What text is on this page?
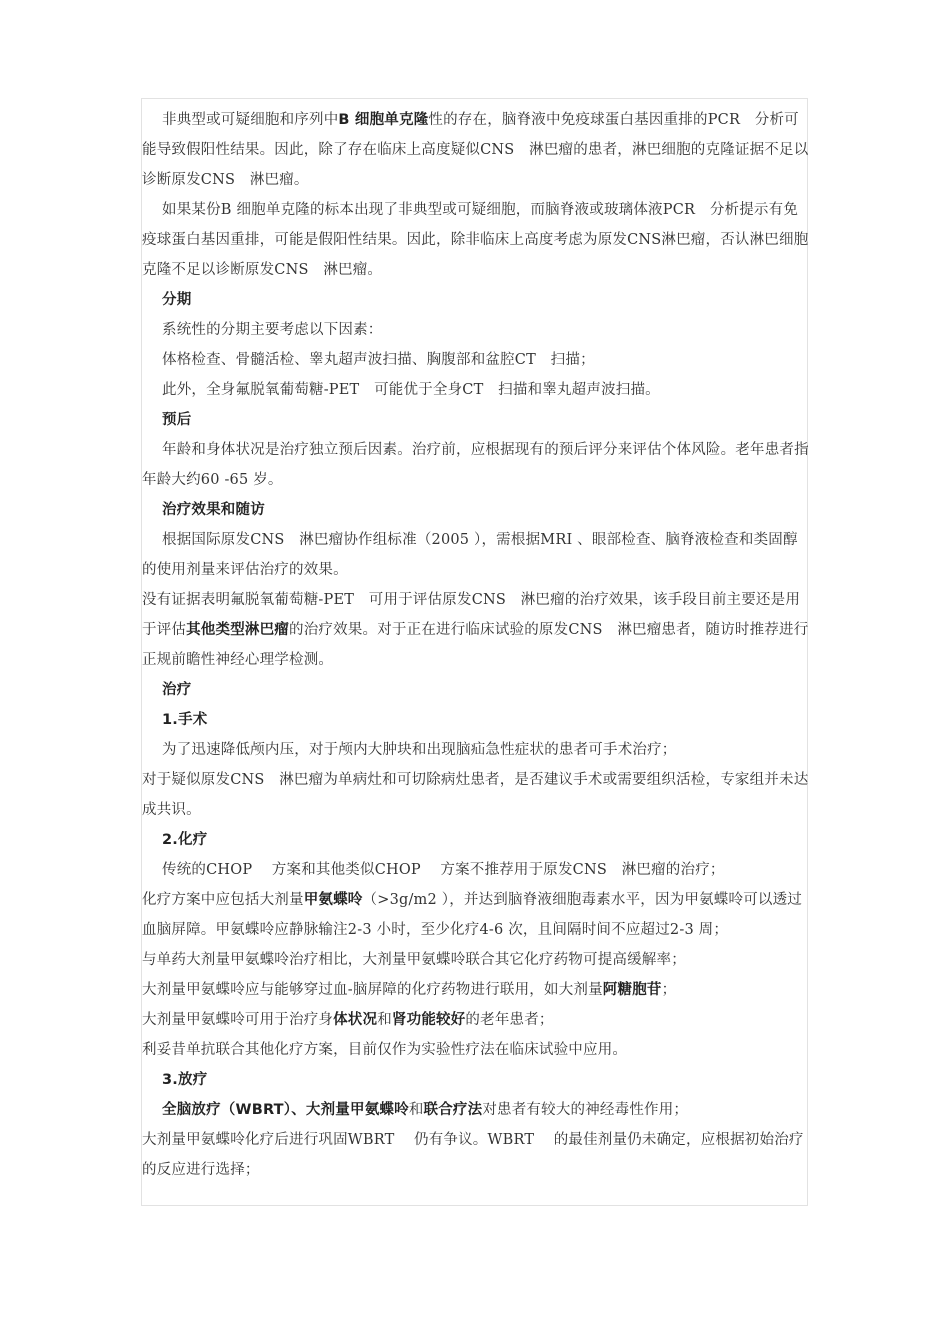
非典型或可疑细胞和序列中B 细胞单克隆性的存在，脑脊液中免疫球蛋白基因重排的PCR　分析可能导致假阳性结果。因此，除了存在临床上高度疑似CNS　淋巴瘤的患者，淋巴细胞的克隆证据不足以诊断原发CNS　淋巴瘤。

如果某份B 细胞单克隆的标本出现了非典型或可疑细胞，而脑脊液或玻璃体液PCR　分析提示有免疫球蛋白基因重排，可能是假阳性结果。因此，除非临床上高度考虑为原发CNS淋巴瘤，否认淋巴细胞克隆不足以诊断原发CNS　淋巴瘤。

分期

系统性的分期主要考虑以下因素：

体格检查、骨髓活检、睾丸超声波扫描、胸腹部和盆腔CT　扫描；

此外，全身氟脱氧葡萄糖-PET　可能优于全身CT　扫描和睾丸超声波扫描。

预后

年龄和身体状况是治疗独立预后因素。治疗前，应根据现有的预后评分来评估个体风险。老年患者指年龄大约60 -65 岁。

治疗效果和随访

根据国际原发CNS　淋巴瘤协作组标准（2005 ），需根据MRI 、眼部检查、脑脊液检查和类固醇的使用剂量来评估治疗的效果。

没有证据表明氟脱氧葡萄糖-PET　可用于评估原发CNS　淋巴瘤的治疗效果，该手段目前主要还是用于评估其他类型淋巴瘤的治疗效果。对于正在进行临床试验的原发CNS　淋巴瘤患者，随访时推荐进行正规前瞻性神经心理学检测。

治疗

1.手术

为了迅速降低颅内压，对于颅内大肿块和出现脑疝急性症状的患者可手术治疗；

对于疑似原发CNS　淋巴瘤为单病灶和可切除病灶患者，是否建议手术或需要组织活检，专家组并未达成共识。

2.化疗

传统的CHOP　 方案和其他类似CHOP　 方案不推荐用于原发CNS　淋巴瘤的治疗；

化疗方案中应包括大剂量甲氨蝶呤（>3g/m2 ），并达到脑脊液细胞毒素水平，因为甲氨蝶呤可以透过血脑屏障。甲氨蝶呤应静脉输注2-3 小时，至少化疗4-6 次，且间隔时间不应超过2-3 周；

与单药大剂量甲氨蝶呤治疗相比，大剂量甲氨蝶呤联合其它化疗药物可提高缓解率；

大剂量甲氨蝶呤应与能够穿过血-脑屏障的化疗药物进行联用，如大剂量阿糖胞苷；

大剂量甲氨蝶呤可用于治疗身体状况和肾功能较好的老年患者；

利妥昔单抗联合其他化疗方案，目前仅作为实验性疗法在临床试验中应用。

3.放疗

全脑放疗（WBRT）、大剂量甲氨蝶呤和联合疗法对患者有较大的神经毒性作用；

大剂量甲氨蝶呤化疗后进行巩固WBRT　 仍有争议。WBRT　 的最佳剂量仍未确定，应根据初始治疗的反应进行选择；
